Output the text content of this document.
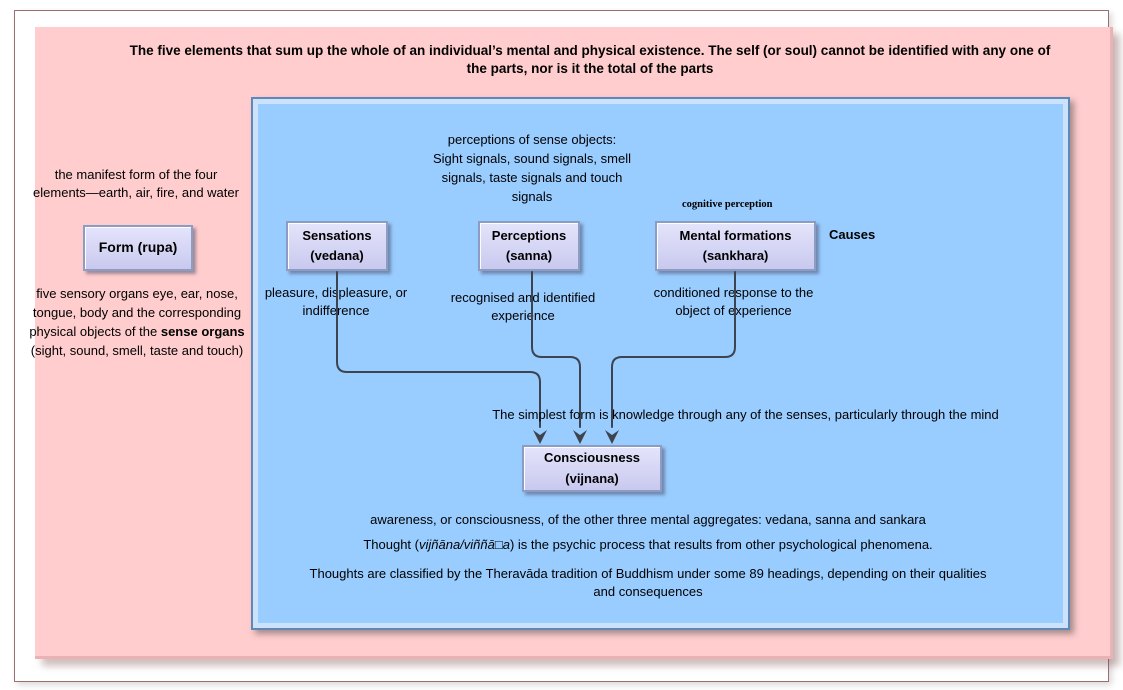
The five elements that sum up the whole of an individual’s mental and physical existence. The self (or soul) cannot be identified with any one of the parts, nor is it the total of the parts
the manifest form of the four elements—earth, air, fire, and water
Form (rupa)
five sensory organs eye, ear, nose, tongue, body and the corresponding physical objects of the sense organs (sight, sound, smell, taste and touch)
perceptions of sense objects: Sight signals, sound signals, smell signals, taste signals and touch signals
cognitive perception
Sensations (vedana)
Perceptions (sanna)
Mental formations (sankhara)
Causes
pleasure, displeasure, or indifference
recognised and identified experience
conditioned response to the object of experience
The simplest form is knowledge through any of the senses, particularly through the mind
Consciousness (vijnana)
awareness, or consciousness, of the other three mental aggregates: vedana, sanna and sankara
Thought (vijñāna/viññā□a) is the psychic process that results from other psychological phenomena.
Thoughts are classified by the Theravāda tradition of Buddhism under some 89 headings, depending on their qualities and consequences
